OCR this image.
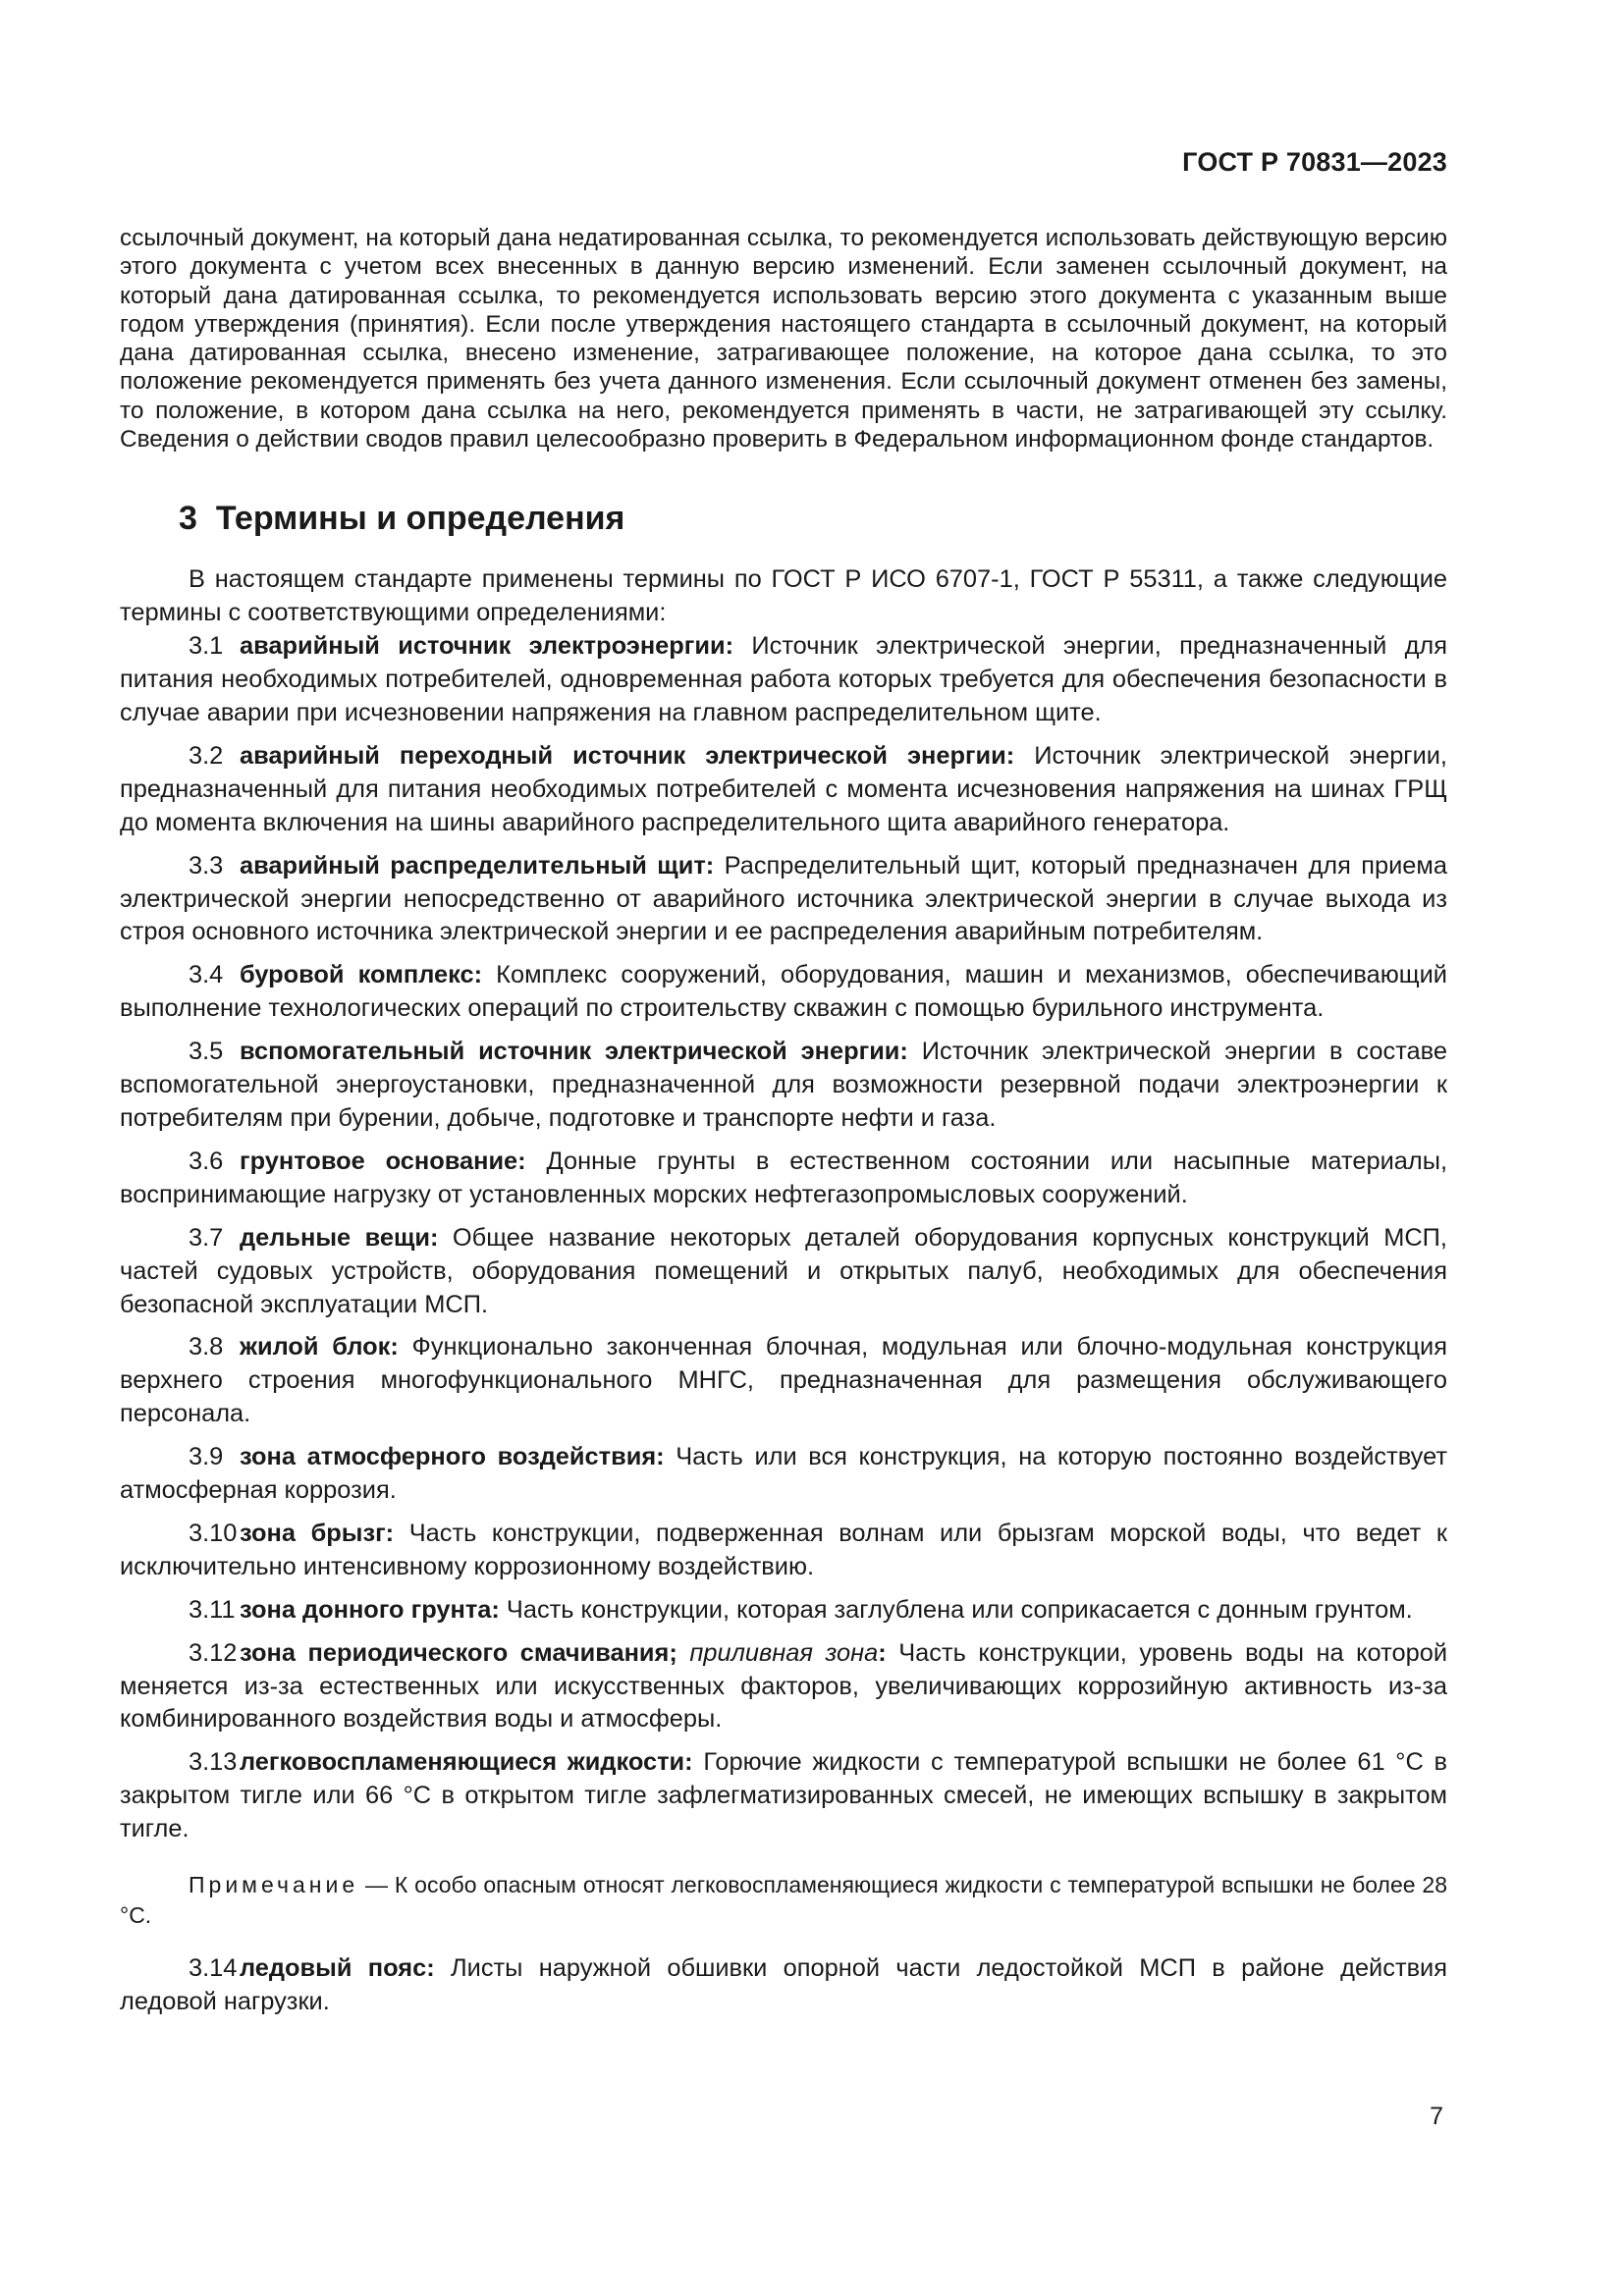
ГОСТ Р 70831—2023

ссылочный документ, на который дана недатированная ссылка, то рекомендуется использовать действующую версию этого документа с учетом всех внесенных в данную версию изменений. Если заменен ссылочный документ, на который дана датированная ссылка, то рекомендуется использовать версию этого документа с указанным выше годом утверждения (принятия). Если после утверждения настоящего стандарта в ссылочный документ, на который дана датированная ссылка, внесено изменение, затрагивающее положение, на которое дана ссылка, то это положение рекомендуется применять без учета данного изменения. Если ссылочный документ отменен без замены, то положение, в котором дана ссылка на него, рекомендуется применять в части, не затрагивающей эту ссылку. Сведения о действии сводов правил целесообразно проверить в Федеральном информационном фонде стандартов.

3 Термины и определения

В настоящем стандарте применены термины по ГОСТ Р ИСО 6707-1, ГОСТ Р 55311, а также следующие термины с соответствующими определениями:

3.1 аварийный источник электроэнергии: Источник электрической энергии, предназначенный для питания необходимых потребителей, одновременная работа которых требуется для обеспечения безопасности в случае аварии при исчезновении напряжения на главном распределительном щите.

3.2 аварийный переходный источник электрической энергии: Источник электрической энергии, предназначенный для питания необходимых потребителей с момента исчезновения напряжения на шинах ГРЩ до момента включения на шины аварийного распределительного щита аварийного генератора.

3.3 аварийный распределительный щит: Распределительный щит, который предназначен для приема электрической энергии непосредственно от аварийного источника электрической энергии в случае выхода из строя основного источника электрической энергии и ее распределения аварийным потребителям.

3.4 буровой комплекс: Комплекс сооружений, оборудования, машин и механизмов, обеспечивающий выполнение технологических операций по строительству скважин с помощью бурильного инструмента.

3.5 вспомогательный источник электрической энергии: Источник электрической энергии в составе вспомогательной энергоустановки, предназначенной для возможности резервной подачи электроэнергии к потребителям при бурении, добыче, подготовке и транспорте нефти и газа.

3.6 грунтовое основание: Донные грунты в естественном состоянии или насыпные материалы, воспринимающие нагрузку от установленных морских нефтегазопромысловых сооружений.

3.7 дельные вещи: Общее название некоторых деталей оборудования корпусных конструкций МСП, частей судовых устройств, оборудования помещений и открытых палуб, необходимых для обеспечения безопасной эксплуатации МСП.

3.8 жилой блок: Функционально законченная блочная, модульная или блочно-модульная конструкция верхнего строения многофункционального МНГС, предназначенная для размещения обслуживающего персонала.

3.9 зона атмосферного воздействия: Часть или вся конструкция, на которую постоянно воздействует атмосферная коррозия.

3.10 зона брызг: Часть конструкции, подверженная волнам или брызгам морской воды, что ведет к исключительно интенсивному коррозионному воздействию.

3.11 зона донного грунта: Часть конструкции, которая заглублена или соприкасается с донным грунтом.

3.12 зона периодического смачивания; приливная зона: Часть конструкции, уровень воды на которой меняется из-за естественных или искусственных факторов, увеличивающих коррозийную активность из-за комбинированного воздействия воды и атмосферы.

3.13 легковоспламеняющиеся жидкости: Горючие жидкости с температурой вспышки не более 61 °С в закрытом тигле или 66 °С в открытом тигле зафлегматизированных смесей, не имеющих вспышку в закрытом тигле.

Примечание — К особо опасным относят легковоспламеняющиеся жидкости с температурой вспышки не более 28 °С.

3.14 ледовый пояс: Листы наружной обшивки опорной части ледостойкой МСП в районе действия ледовой нагрузки.

7
